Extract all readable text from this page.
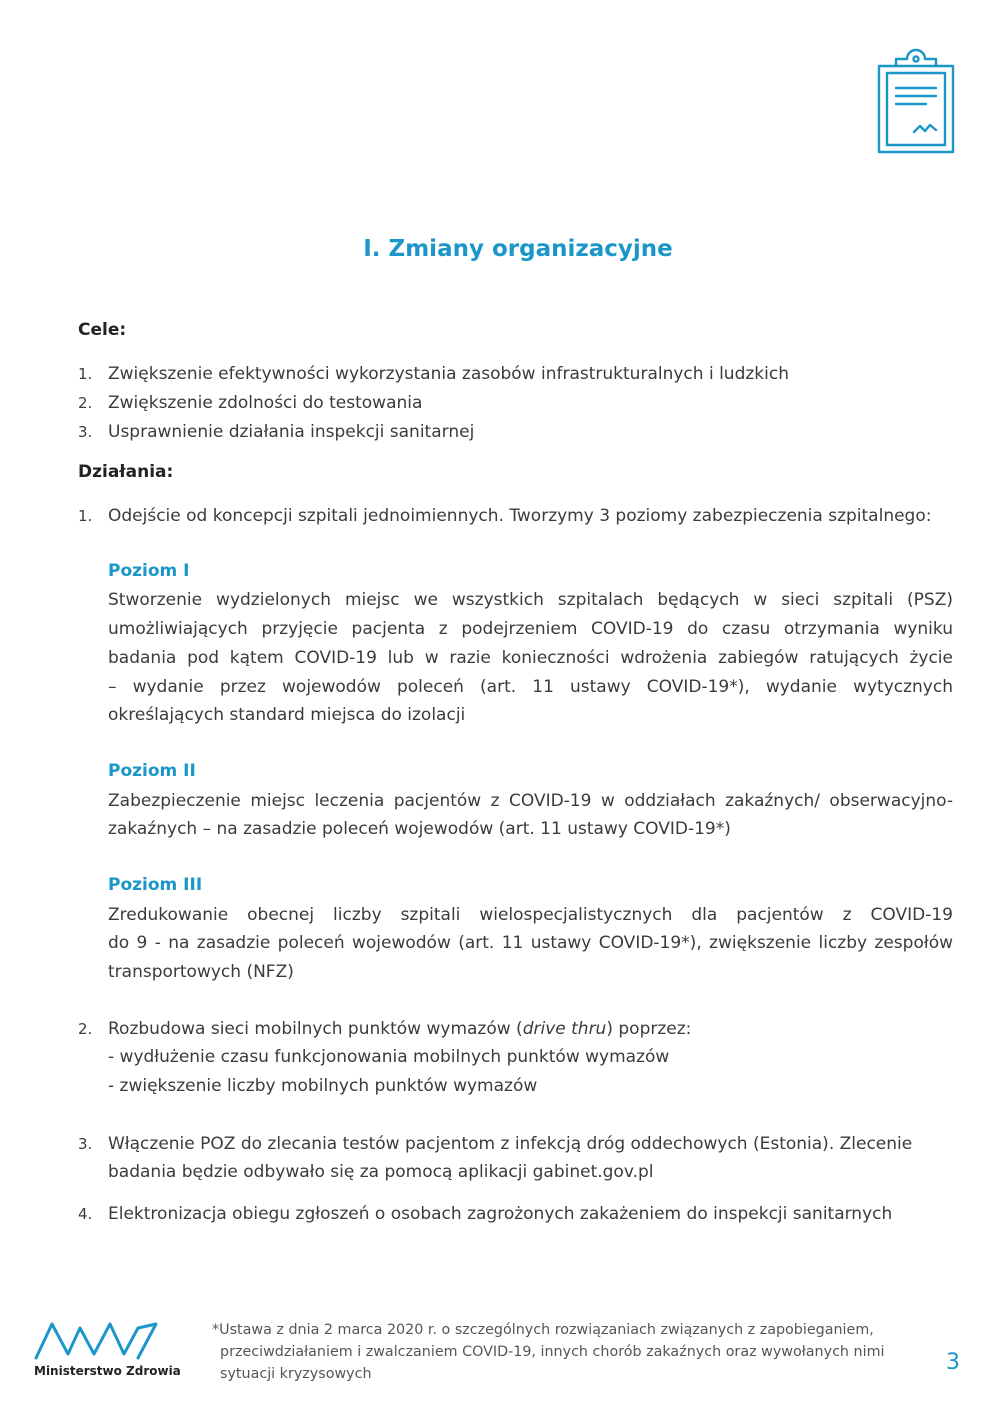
I. Zmiany organizacyjne
Cele:
1. Zwiększenie efektywności wykorzystania zasobów infrastrukturalnych i ludzkich
2. Zwiększenie zdolności do testowania
3. Usprawnienie działania inspekcji sanitarnej
Działania:
1. Odejście od koncepcji szpitali jednoimiennych. Tworzymy 3 poziomy zabezpieczenia szpitalnego:
Poziom I
Stworzenie wydzielonych miejsc we wszystkich szpitalach będących w sieci szpitali (PSZ)
umożliwiających przyjęcie pacjenta z podejrzeniem COVID-19 do czasu otrzymania wyniku
badania pod kątem COVID-19 lub w razie konieczności wdrożenia zabiegów ratujących życie
– wydanie przez wojewodów poleceń (art. 11 ustawy COVID-19*), wydanie wytycznych
określających standard miejsca do izolacji
Poziom II
Zabezpieczenie miejsc leczenia pacjentów z COVID-19 w oddziałach zakaźnych/ obserwacyjno-
zakaźnych – na zasadzie poleceń wojewodów (art. 11 ustawy COVID-19*)
Poziom III
Zredukowanie obecnej liczby szpitali wielospecjalistycznych dla pacjentów z COVID-19
do 9 - na zasadzie poleceń wojewodów (art. 11 ustawy COVID-19*), zwiększenie liczby zespołów
transportowych (NFZ)
2. Rozbudowa sieci mobilnych punktów wymazów (drive thru) poprzez:
- wydłużenie czasu funkcjonowania mobilnych punktów wymazów
- zwiększenie liczby mobilnych punktów wymazów
3. Włączenie POZ do zlecania testów pacjentom z infekcją dróg oddechowych (Estonia). Zlecenie
badania będzie odbywało się za pomocą aplikacji gabinet.gov.pl
4. Elektronizacja obiegu zgłoszeń o osobach zagrożonych zakażeniem do inspekcji sanitarnych
Ministerstwo Zdrowia
*Ustawa z dnia 2 marca 2020 r. o szczególnych rozwiązaniach związanych z zapobieganiem,
przeciwdziałaniem i zwalczaniem COVID-19, innych chorób zakaźnych oraz wywołanych nimi
sytuacji kryzysowych	3
